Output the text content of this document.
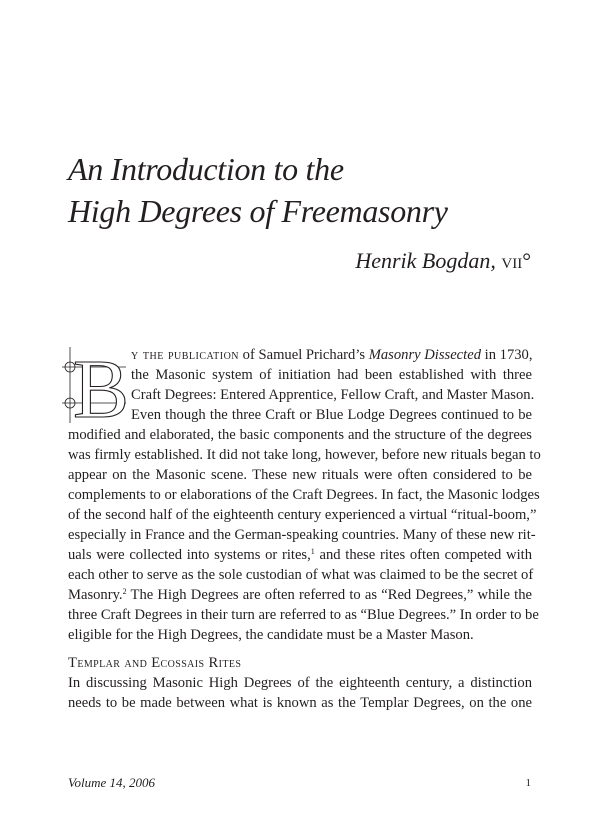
An Introduction to the
High Degrees of Freemasonry
Henrik Bogdan, vii°
B y the publication of Samuel Prichard’s Masonry Dissected in 1730,
the Masonic system of initiation had been established with three
Craft Degrees: Entered Apprentice, Fellow Craft, and Master Mason.
Even though the three Craft or Blue Lodge Degrees continued to be
modified and elaborated, the basic components and the structure of the degrees
was firmly established. It did not take long, however, before new rituals began to
appear on the Masonic scene. These new rituals were often considered to be
complements to or elaborations of the Craft Degrees. In fact, the Masonic lodges
of the second half of the eighteenth century experienced a virtual “ritual-boom,”
especially in France and the German-speaking countries. Many of these new rit-
uals were collected into systems or rites,$^1$ and these rites often competed with
each other to serve as the sole custodian of what was claimed to be the secret of
Masonry.$^2$ The High Degrees are often referred to as “Red Degrees,” while the
three Craft Degrees in their turn are referred to as “Blue Degrees.” In order to be
eligible for the High Degrees, the candidate must be a Master Mason.
Templar and Ecossais Rites
In discussing Masonic High Degrees of the eighteenth century, a distinction
needs to be made between what is known as the Templar Degrees, on the one
Volume 14, 2006	1
